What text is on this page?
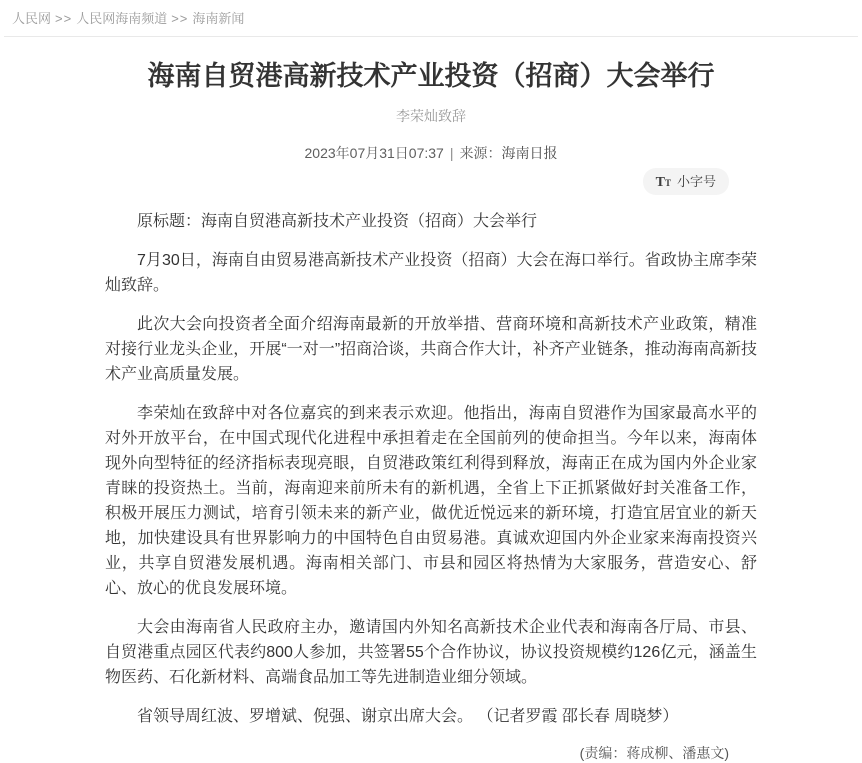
人民网 >> 人民网海南频道 >> 海南新闻
海南自贸港高新技术产业投资（招商）大会举行
李荣灿致辞
2023年07月31日07:37 | 来源：海南日报
T T 小字号

原标题：海南自贸港高新技术产业投资（招商）大会举行

7月30日，海南自由贸易港高新技术产业投资（招商）大会在海口举行。省政协主席李荣灿致辞。

此次大会向投资者全面介绍海南最新的开放举措、营商环境和高新技术产业政策，精准对接行业龙头企业，开展“一对一”招商洽谈，共商合作大计，补齐产业链条，推动海南高新技术产业高质量发展。

李荣灿在致辞中对各位嘉宾的到来表示欢迎。他指出，海南自贸港作为国家最高水平的对外开放平台，在中国式现代化进程中承担着走在全国前列的使命担当。今年以来，海南体现外向型特征的经济指标表现亮眼，自贸港政策红利得到释放，海南正在成为国内外企业家青睐的投资热土。当前，海南迎来前所未有的新机遇，全省上下正抓紧做好封关准备工作，积极开展压力测试，培育引领未来的新产业，做优近悦远来的新环境，打造宜居宜业的新天地，加快建设具有世界影响力的中国特色自由贸易港。真诚欢迎国内外企业家来海南投资兴业，共享自贸港发展机遇。海南相关部门、市县和园区将热情为大家服务，营造安心、舒心、放心的优良发展环境。

大会由海南省人民政府主办，邀请国内外知名高新技术企业代表和海南各厅局、市县、自贸港重点园区代表约800人参加，共签署55个合作协议，协议投资规模约126亿元，涵盖生物医药、石化新材料、高端食品加工等先进制造业细分领域。

省领导周红波、罗增斌、倪强、谢京出席大会。 （记者罗霞 邵长春 周晓梦）

(责编：蒋成柳、潘惠文)
